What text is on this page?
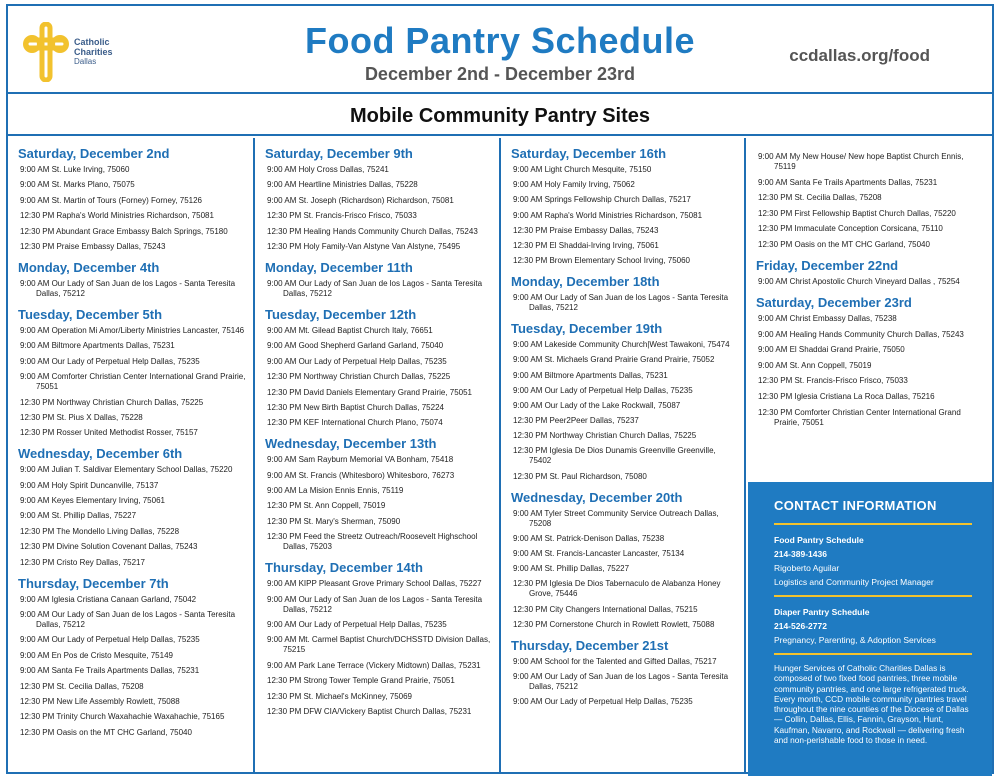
Catholic
Charities
Dallas
Food Pantry Schedule
December 2nd - December 23rd
ccdallas.org/food
Mobile Community Pantry Sites
Saturday, December 2nd
9:00 AM St. Luke Irving, 75060
9:00 AM St. Marks Plano, 75075
9:00 AM St. Martin of Tours (Forney) Forney, 75126
12:30 PM Rapha's World Ministries Richardson, 75081
12:30 PM Abundant Grace Embassy Balch Springs, 75180
12:30 PM Praise Embassy Dallas, 75243
Monday, December 4th
9:00 AM Our Lady of San Juan de los Lagos - Santa Teresita Dallas, 75212
Tuesday, December 5th
9:00 AM Operation Mi Amor/Liberty Ministries Lancaster, 75146
9:00 AM Biltmore Apartments Dallas, 75231
9:00 AM Our Lady of Perpetual Help Dallas, 75235
9:00 AM Comforter Christian Center International Grand Prairie, 75051
12:30 PM Northway Christian Church Dallas, 75225
12:30 PM St. Pius X Dallas, 75228
12:30 PM Rosser United Methodist Rosser, 75157
Wednesday, December 6th
9:00 AM Julian T. Saldivar Elementary School Dallas, 75220
9:00 AM Holy Spirit Duncanville, 75137
9:00 AM Keyes Elementary Irving, 75061
9:00 AM St. Phillip Dallas, 75227
12:30 PM The Mondello Living Dallas, 75228
12:30 PM Divine Solution Covenant Dallas, 75243
12:30 PM Cristo Rey Dallas, 75217
Thursday, December 7th
9:00 AM Iglesia Cristiana Canaan Garland, 75042
9:00 AM Our Lady of San Juan de los Lagos - Santa Teresita Dallas, 75212
9:00 AM Our Lady of Perpetual Help Dallas, 75235
9:00 AM En Pos de Cristo Mesquite, 75149
9:00 AM Santa Fe Trails Apartments Dallas, 75231
12:30 PM St. Cecilia Dallas, 75208
12:30 PM New Life Assembly Rowlett, 75088
12:30 PM Trinity Church Waxahachie Waxahachie, 75165
12:30 PM Oasis on the MT CHC Garland, 75040
Saturday, December 9th
9:00 AM Holy Cross Dallas, 75241
9:00 AM Heartline Ministries Dallas, 75228
9:00 AM St. Joseph (Richardson) Richardson, 75081
12:30 PM St. Francis-Frisco Frisco, 75033
12:30 PM Healing Hands Community Church Dallas, 75243
12:30 PM Holy Family-Van Alstyne Van Alstyne, 75495
Monday, December 11th
9:00 AM Our Lady of San Juan de los Lagos - Santa Teresita Dallas, 75212
Tuesday, December 12th
9:00 AM Mt. Gilead Baptist Church Italy, 76651
9:00 AM Good Shepherd Garland Garland, 75040
9:00 AM Our Lady of Perpetual Help Dallas, 75235
12:30 PM Northway Christian Church Dallas, 75225
12:30 PM David Daniels Elementary Grand Prairie, 75051
12:30 PM New Birth Baptist Church Dallas, 75224
12:30 PM KEF International Church Plano, 75074
Wednesday, December 13th
9:00 AM Sam Rayburn Memorial VA Bonham, 75418
9:00 AM St. Francis (Whitesboro) Whitesboro, 76273
9:00 AM La Mision Ennis Ennis, 75119
12:30 PM St. Ann Coppell, 75019
12:30 PM St. Mary's Sherman, 75090
12:30 PM Feed the Streetz Outreach/Roosevelt Highschool Dallas, 75203
Thursday, December 14th
9:00 AM KIPP Pleasant Grove Primary School Dallas, 75227
9:00 AM Our Lady of San Juan de los Lagos - Santa Teresita Dallas, 75212
9:00 AM Our Lady of Perpetual Help Dallas, 75235
9:00 AM Mt. Carmel Baptist Church/DCHSSTD Division Dallas, 75215
9:00 AM Park Lane Terrace (Vickery Midtown) Dallas, 75231
12:30 PM Strong Tower Temple Grand Prairie, 75051
12:30 PM St. Michael's McKinney, 75069
12:30 PM DFW CIA/Vickery Baptist Church Dallas, 75231
Saturday, December 16th
9:00 AM Light Church Mesquite, 75150
9:00 AM Holy Family Irving, 75062
9:00 AM Springs Fellowship Church Dallas, 75217
9:00 AM Rapha's World Ministries Richardson, 75081
12:30 PM Praise Embassy Dallas, 75243
12:30 PM El Shaddai-Irving Irving, 75061
12:30 PM Brown Elementary School Irving, 75060
Monday, December 18th
9:00 AM Our Lady of San Juan de los Lagos - Santa Teresita Dallas, 75212
Tuesday, December 19th
9:00 AM Lakeside Community Church|West Tawakoni, 75474
9:00 AM St. Michaels Grand Prairie Grand Prairie, 75052
9:00 AM Biltmore Apartments Dallas, 75231
9:00 AM Our Lady of Perpetual Help Dallas, 75235
9:00 AM Our Lady of the Lake Rockwall, 75087
12:30 PM Peer2Peer Dallas, 75237
12:30 PM Northway Christian Church Dallas, 75225
12:30 PM Iglesia De Dios Dunamis Greenville Greenville, 75402
12:30 PM St. Paul Richardson, 75080
Wednesday, December 20th
9:00 AM Tyler Street Community Service Outreach Dallas, 75208
9:00 AM St. Patrick-Denison Dallas, 75238
9:00 AM St. Francis-Lancaster Lancaster, 75134
9:00 AM St. Phillip Dallas, 75227
12:30 PM Iglesia De Dios Tabernaculo de Alabanza Honey Grove, 75446
12:30 PM City Changers International Dallas, 75215
12:30 PM Cornerstone Church in Rowlett Rowlett, 75088
Thursday, December 21st
9:00 AM School for the Talented and Gifted Dallas, 75217
9:00 AM Our Lady of San Juan de los Lagos - Santa Teresita Dallas, 75212
9:00 AM Our Lady of Perpetual Help Dallas, 75235
9:00 AM My New House/ New hope Baptist Church Ennis, 75119
9:00 AM Santa Fe Trails Apartments Dallas, 75231
12:30 PM St. Cecilia Dallas, 75208
12:30 PM First Fellowship Baptist Church Dallas, 75220
12:30 PM Immaculate Conception Corsicana, 75110
12:30 PM Oasis on the MT CHC Garland, 75040
Friday, December 22nd
9:00 AM Christ Apostolic Church Vineyard Dallas , 75254
Saturday, December 23rd
9:00 AM Christ Embassy Dallas, 75238
9:00 AM Healing Hands Community Church Dallas, 75243
9:00 AM El Shaddai Grand Prairie, 75050
9:00 AM St. Ann Coppell, 75019
12:30 PM St. Francis-Frisco Frisco, 75033
12:30 PM Iglesia Cristiana La Roca Dallas, 75216
12:30 PM Comforter Christian Center International Grand Prairie, 75051
CONTACT INFORMATION
Food Pantry Schedule
214-389-1436
Rigoberto Aguilar
Logistics and Community Project Manager
Diaper Pantry Schedule
214-526-2772
Pregnancy, Parenting, & Adoption Services
Hunger Services of Catholic Charities Dallas is composed of two fixed food pantries, three mobile community pantries, and one large refrigerated truck. Every month, CCD mobile community pantries travel throughout the nine counties of the Diocese of Dallas — Collin, Dallas, Ellis, Fannin, Grayson, Hunt, Kaufman, Navarro, and Rockwall — delivering fresh and non-perishable food to those in need.
